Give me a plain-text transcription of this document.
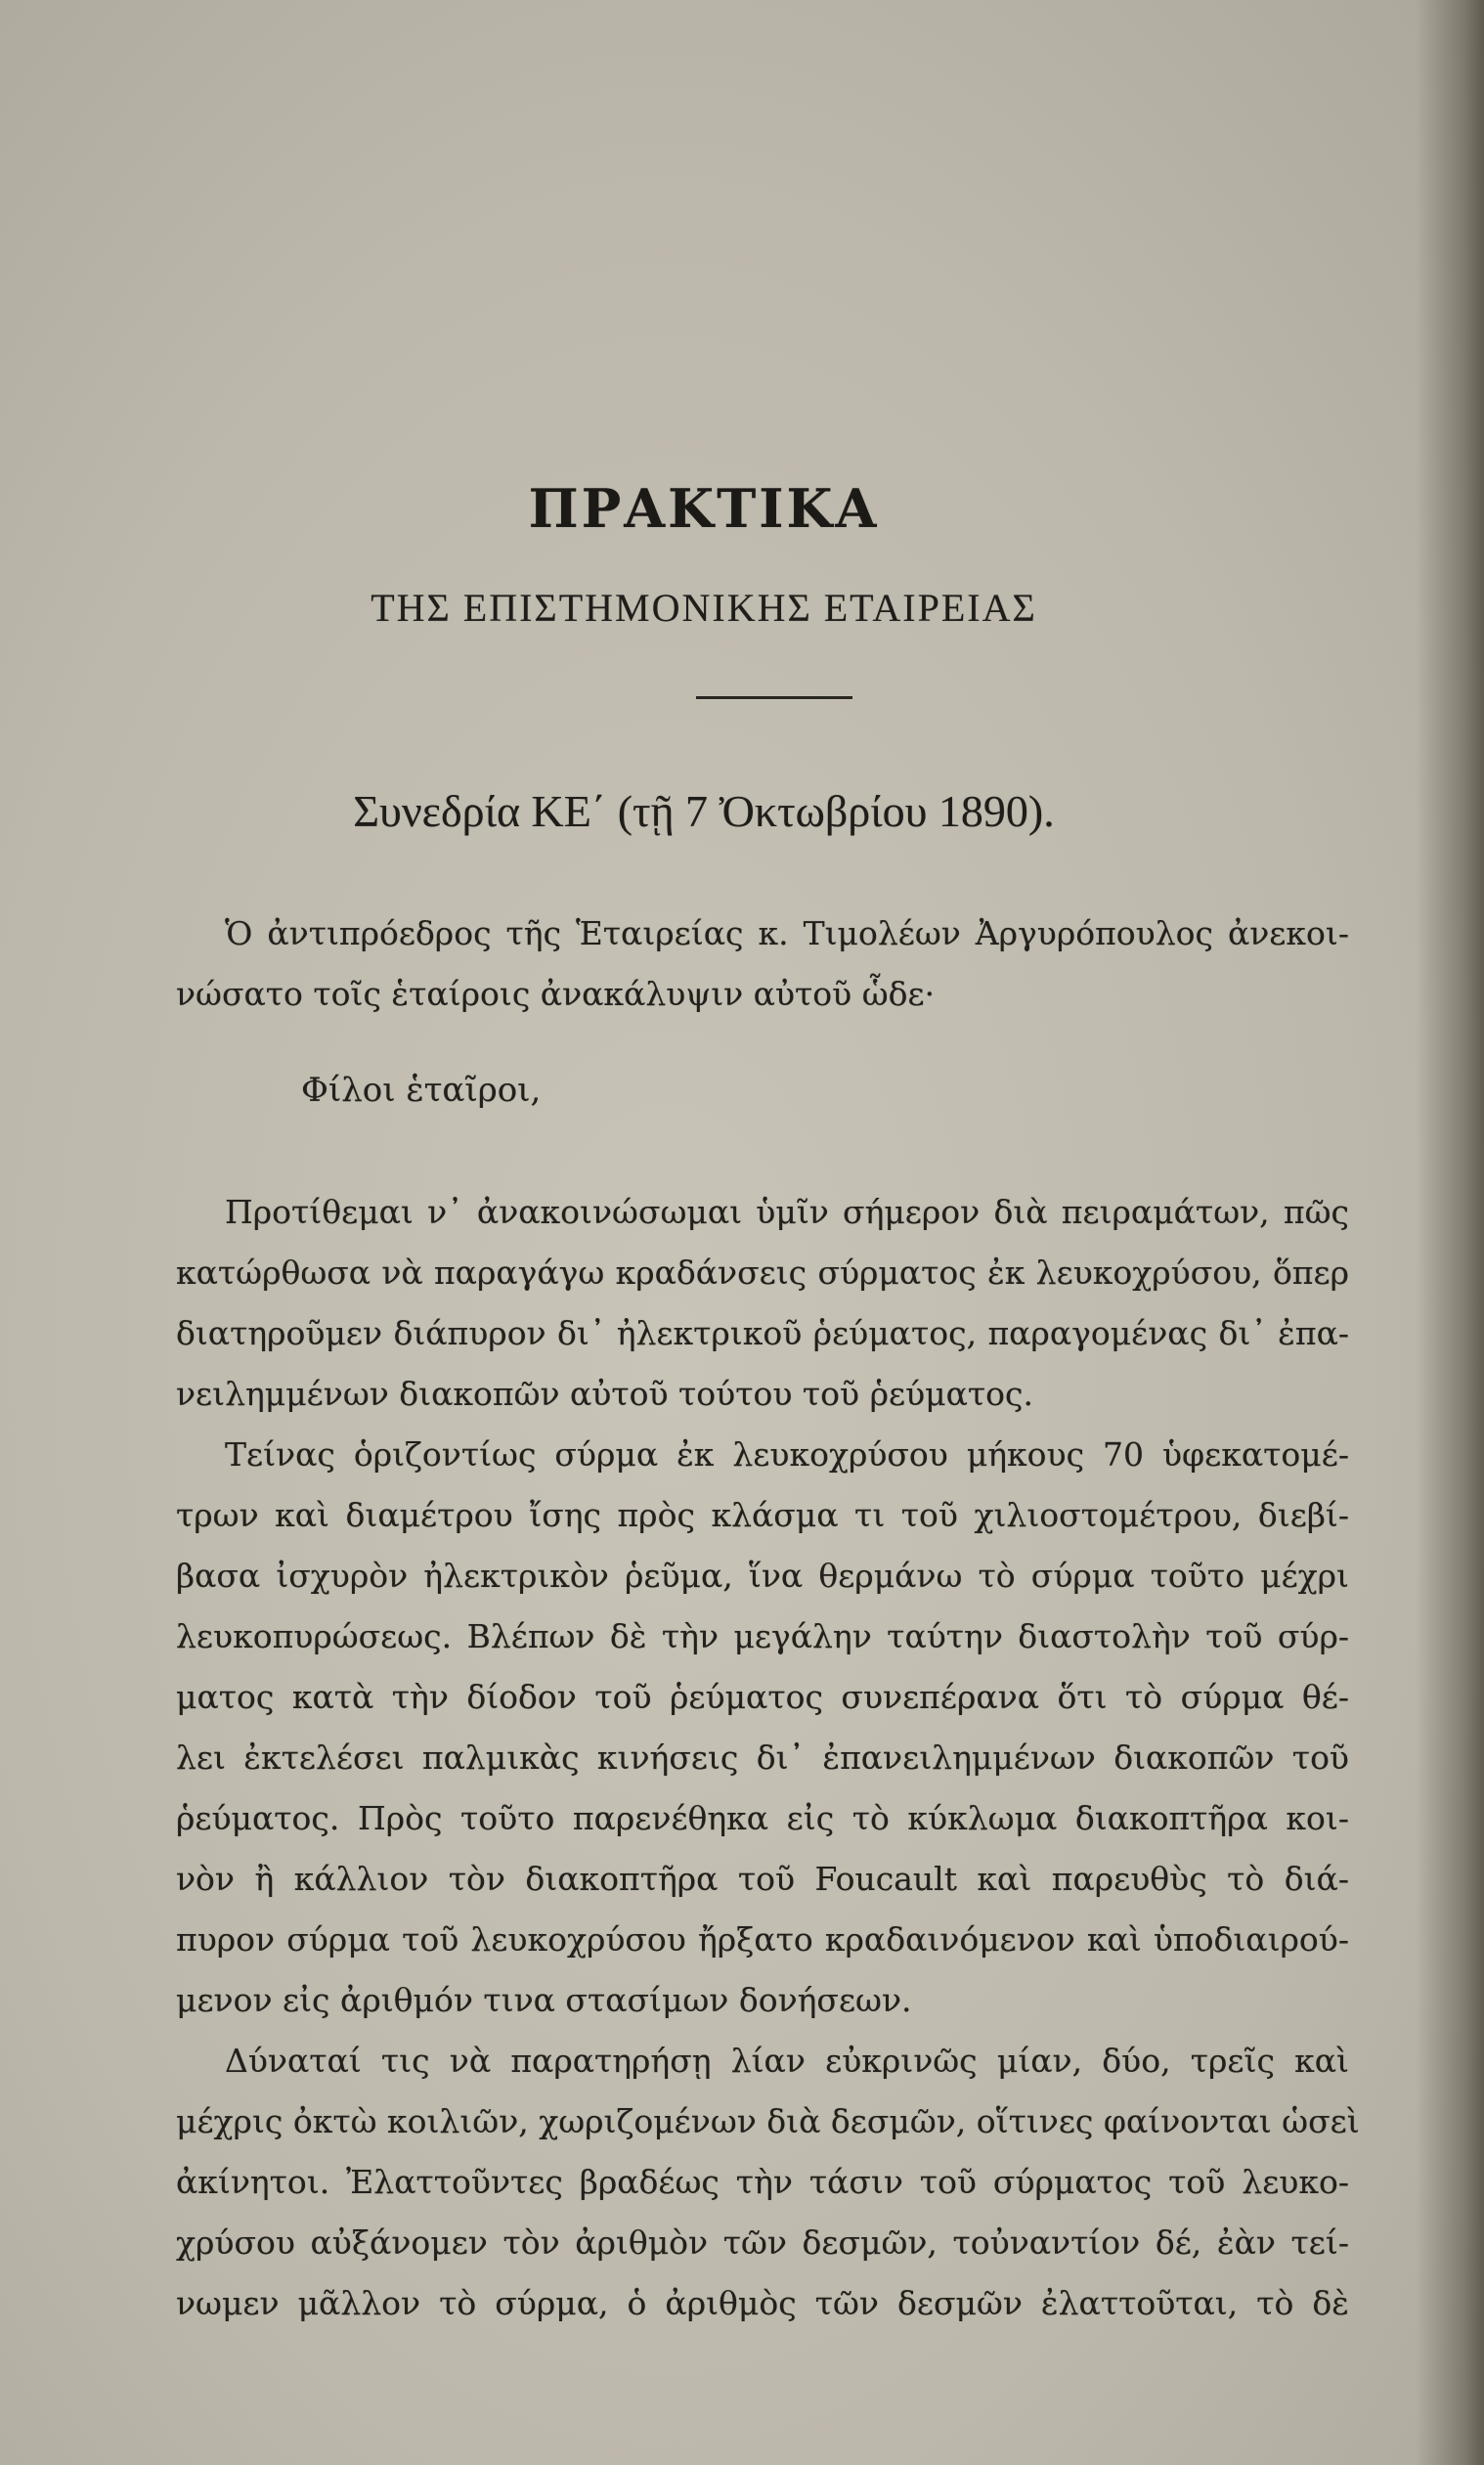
ΠΡΑΚΤΙΚΑ
ΤΗΣ ΕΠΙΣΤΗΜΟΝΙΚΗΣ ΕΤΑΙΡΕΙΑΣ
Συνεδρία ΚΕ΄ (τῇ 7 Ὀκτωβρίου 1890).
Ὁ ἀντιπρόεδρος τῆς Ἑταιρείας κ. Τιμολέων Ἀργυρόπουλος ἀνεκοι-
νώσατο τοῖς ἑταίροις ἀνακάλυψιν αὐτοῦ ὧδε·
Φίλοι ἑταῖροι,
Προτίθεμαι ν᾽ ἀνακοινώσωμαι ὑμῖν σήμερον διὰ πειραμάτων, πῶς
κατώρθωσα νὰ παραγάγω κραδάνσεις σύρματος ἐκ λευκοχρύσου, ὅπερ
διατηροῦμεν διάπυρον δι᾽ ἠλεκτρικοῦ ῥεύματος, παραγομένας δι᾽ ἐπα-
νειλημμένων διακοπῶν αὐτοῦ τούτου τοῦ ῥεύματος.
Τείνας ὁριζοντίως σύρμα ἐκ λευκοχρύσου μήκους 70 ὑφεκατομέ-
τρων καὶ διαμέτρου ἴσης πρὸς κλάσμα τι τοῦ χιλιοστομέτρου, διεβί-
βασα ἰσχυρὸν ἠλεκτρικὸν ῥεῦμα, ἵνα θερμάνω τὸ σύρμα τοῦτο μέχρι
λευκοπυρώσεως. Βλέπων δὲ τὴν μεγάλην ταύτην διαστολὴν τοῦ σύρ-
ματος κατὰ τὴν δίοδον τοῦ ῥεύματος συνεπέρανα ὅτι τὸ σύρμα θέ-
λει ἐκτελέσει παλμικὰς κινήσεις δι᾽ ἐπανειλημμένων διακοπῶν τοῦ
ῥεύματος. Πρὸς τοῦτο παρενέθηκα εἰς τὸ κύκλωμα διακοπτῆρα κοι-
νὸν ἢ κάλλιον τὸν διακοπτῆρα τοῦ Foucault καὶ παρευθὺς τὸ διά-
πυρον σύρμα τοῦ λευκοχρύσου ἤρξατο κραδαινόμενον καὶ ὑποδιαιρού-
μενον εἰς ἀριθμόν τινα στασίμων δονήσεων.
Δύναταί τις νὰ παρατηρήσῃ λίαν εὐκρινῶς μίαν, δύο, τρεῖς καὶ
μέχρις ὀκτὼ κοιλιῶν, χωριζομένων διὰ δεσμῶν, οἵτινες φαίνονται ὡσεὶ
ἀκίνητοι. Ἐλαττοῦντες βραδέως τὴν τάσιν τοῦ σύρματος τοῦ λευκο-
χρύσου αὐξάνομεν τὸν ἀριθμὸν τῶν δεσμῶν, τοὐναντίον δέ, ἐὰν τεί-
νωμεν μᾶλλον τὸ σύρμα, ὁ ἀριθμὸς τῶν δεσμῶν ἐλαττοῦται, τὸ δὲ
